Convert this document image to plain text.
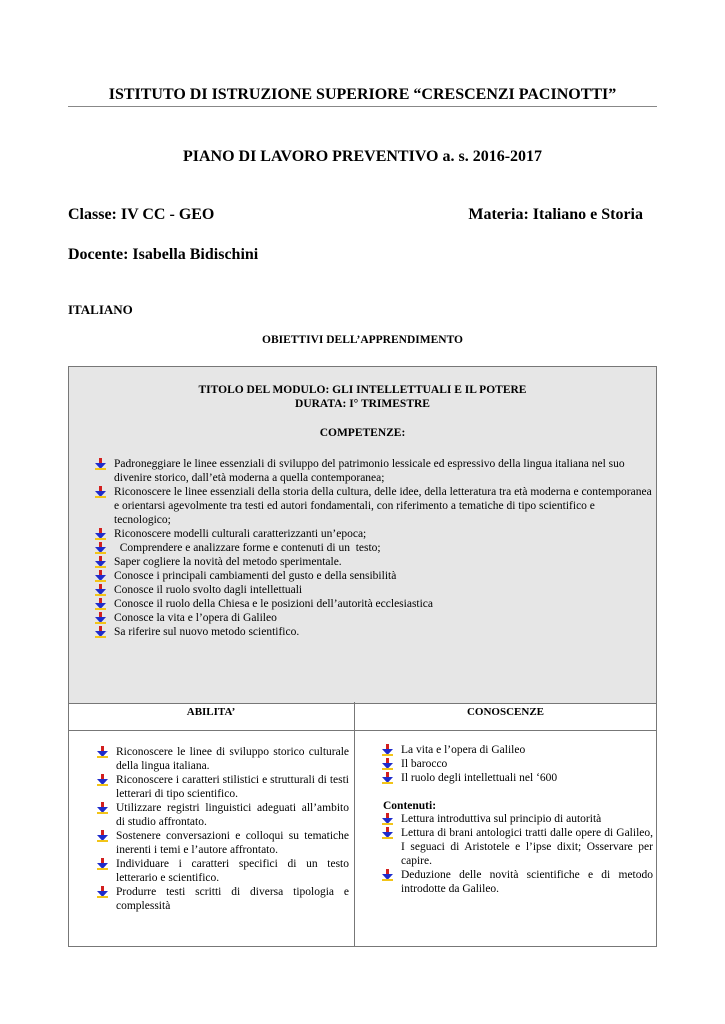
ISTITUTO DI ISTRUZIONE SUPERIORE “CRESCENZI PACINOTTI”
PIANO DI LAVORO PREVENTIVO a. s. 2016-2017
Classe: IV CC - GEO	Materia: Italiano e Storia
Docente: Isabella Bidischini
ITALIANO
OBIETTIVI DELL’APPRENDIMENTO
TITOLO DEL MODULO: GLI INTELLETTUALI E IL POTERE
DURATA: I° TRIMESTRE
COMPETENZE:
Padroneggiare le linee essenziali di sviluppo del patrimonio lessicale ed espressivo della lingua italiana nel suo divenire storico, dall’età moderna a quella contemporanea;
Riconoscere le linee essenziali della storia della cultura, delle idee, della letteratura tra età moderna e contemporanea e orientarsi agevolmente tra testi ed autori fondamentali, con riferimento a tematiche di tipo scientifico e tecnologico;
Riconoscere modelli culturali caratterizzanti un’epoca;
Comprendere e analizzare forme e contenuti di un  testo;
Saper cogliere la novità del metodo sperimentale.
Conosce i principali cambiamenti del gusto e della sensibilità
Conosce il ruolo svolto dagli intellettuali
Conosce il ruolo della Chiesa e le posizioni dell’autorità ecclesiastica
Conosce la vita e l’opera di Galileo
Sa riferire sul nuovo metodo scientifico.
ABILITA’	CONOSCENZE
Riconoscere le linee di sviluppo storico culturale della lingua italiana.
Riconoscere i caratteri stilistici e strutturali di testi letterari di tipo scientifico.
Utilizzare registri linguistici adeguati all’ambito di studio affrontato.
Sostenere conversazioni e colloqui su tematiche inerenti i temi e l’autore affrontato.
Individuare i caratteri specifici di un testo letterario e scientifico.
Produrre testi scritti di diversa tipologia e complessità
La vita e l’opera di Galileo
Il barocco
Il ruolo degli intellettuali nel ‘600
Contenuti:
Lettura introduttiva sul principio di autorità
Lettura di brani antologici tratti dalle opere di Galileo, I seguaci di Aristotele e l’ipse dixit; Osservare per capire.
Deduzione delle novità scientifiche e di metodo introdotte da Galileo.
